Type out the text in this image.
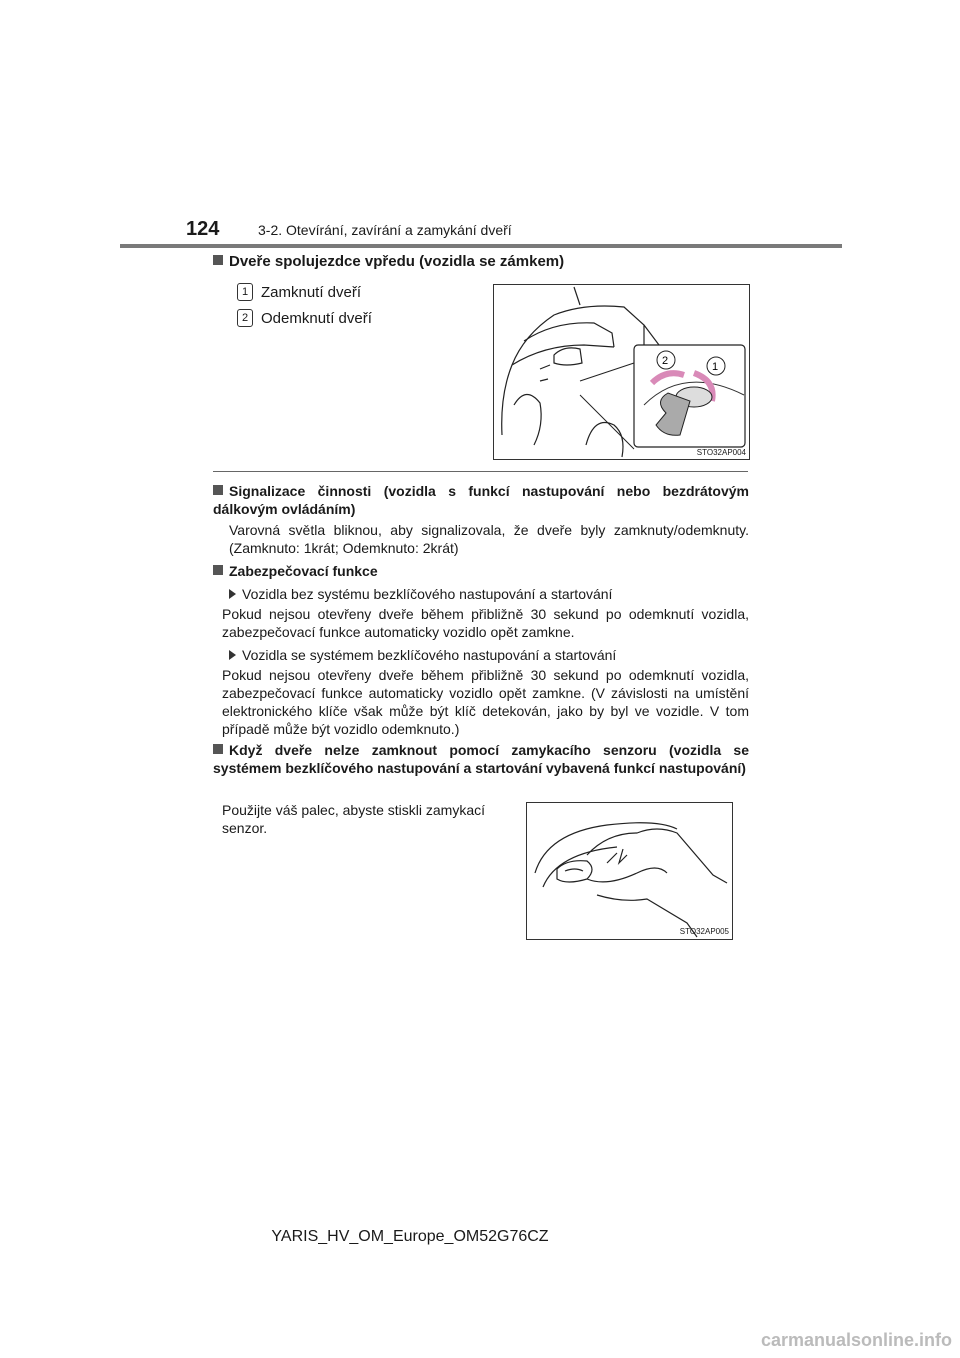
124	3-2. Otevírání, zavírání a zamykání dveří
Dveře spolujezdce vpředu (vozidla se zámkem)
1 Zamknutí dveří
2 Odemknutí dveří
2	1
STO32AP004
Signalizace činnosti (vozidla s funkcí nastupování nebo bezdrátovým dálkovým ovládáním)
Varovná světla bliknou, aby signalizovala, že dveře byly zamknuty/odemknuty. (Zamknuto: 1krát; Odemknuto: 2krát)
Zabezpečovací funkce
Vozidla bez systému bezklíčového nastupování a startování
Pokud nejsou otevřeny dveře během přibližně 30 sekund po odemknutí vozidla, zabezpečovací funkce automaticky vozidlo opět zamkne.
Vozidla se systémem bezklíčového nastupování a startování
Pokud nejsou otevřeny dveře během přibližně 30 sekund po odemknutí vozidla, zabezpečovací funkce automaticky vozidlo opět zamkne. (V závislosti na umístění elektronického klíče však může být klíč detekován, jako by byl ve vozidle. V tom případě může být vozidlo odemknuto.)
Když dveře nelze zamknout pomocí zamykacího senzoru (vozidla se systémem bezklíčového nastupování a startování vybavená funkcí nastupování)
Použijte váš palec, abyste stiskli zamykací senzor.
STO32AP005
YARIS_HV_OM_Europe_OM52G76CZ
carmanualsonline.info
